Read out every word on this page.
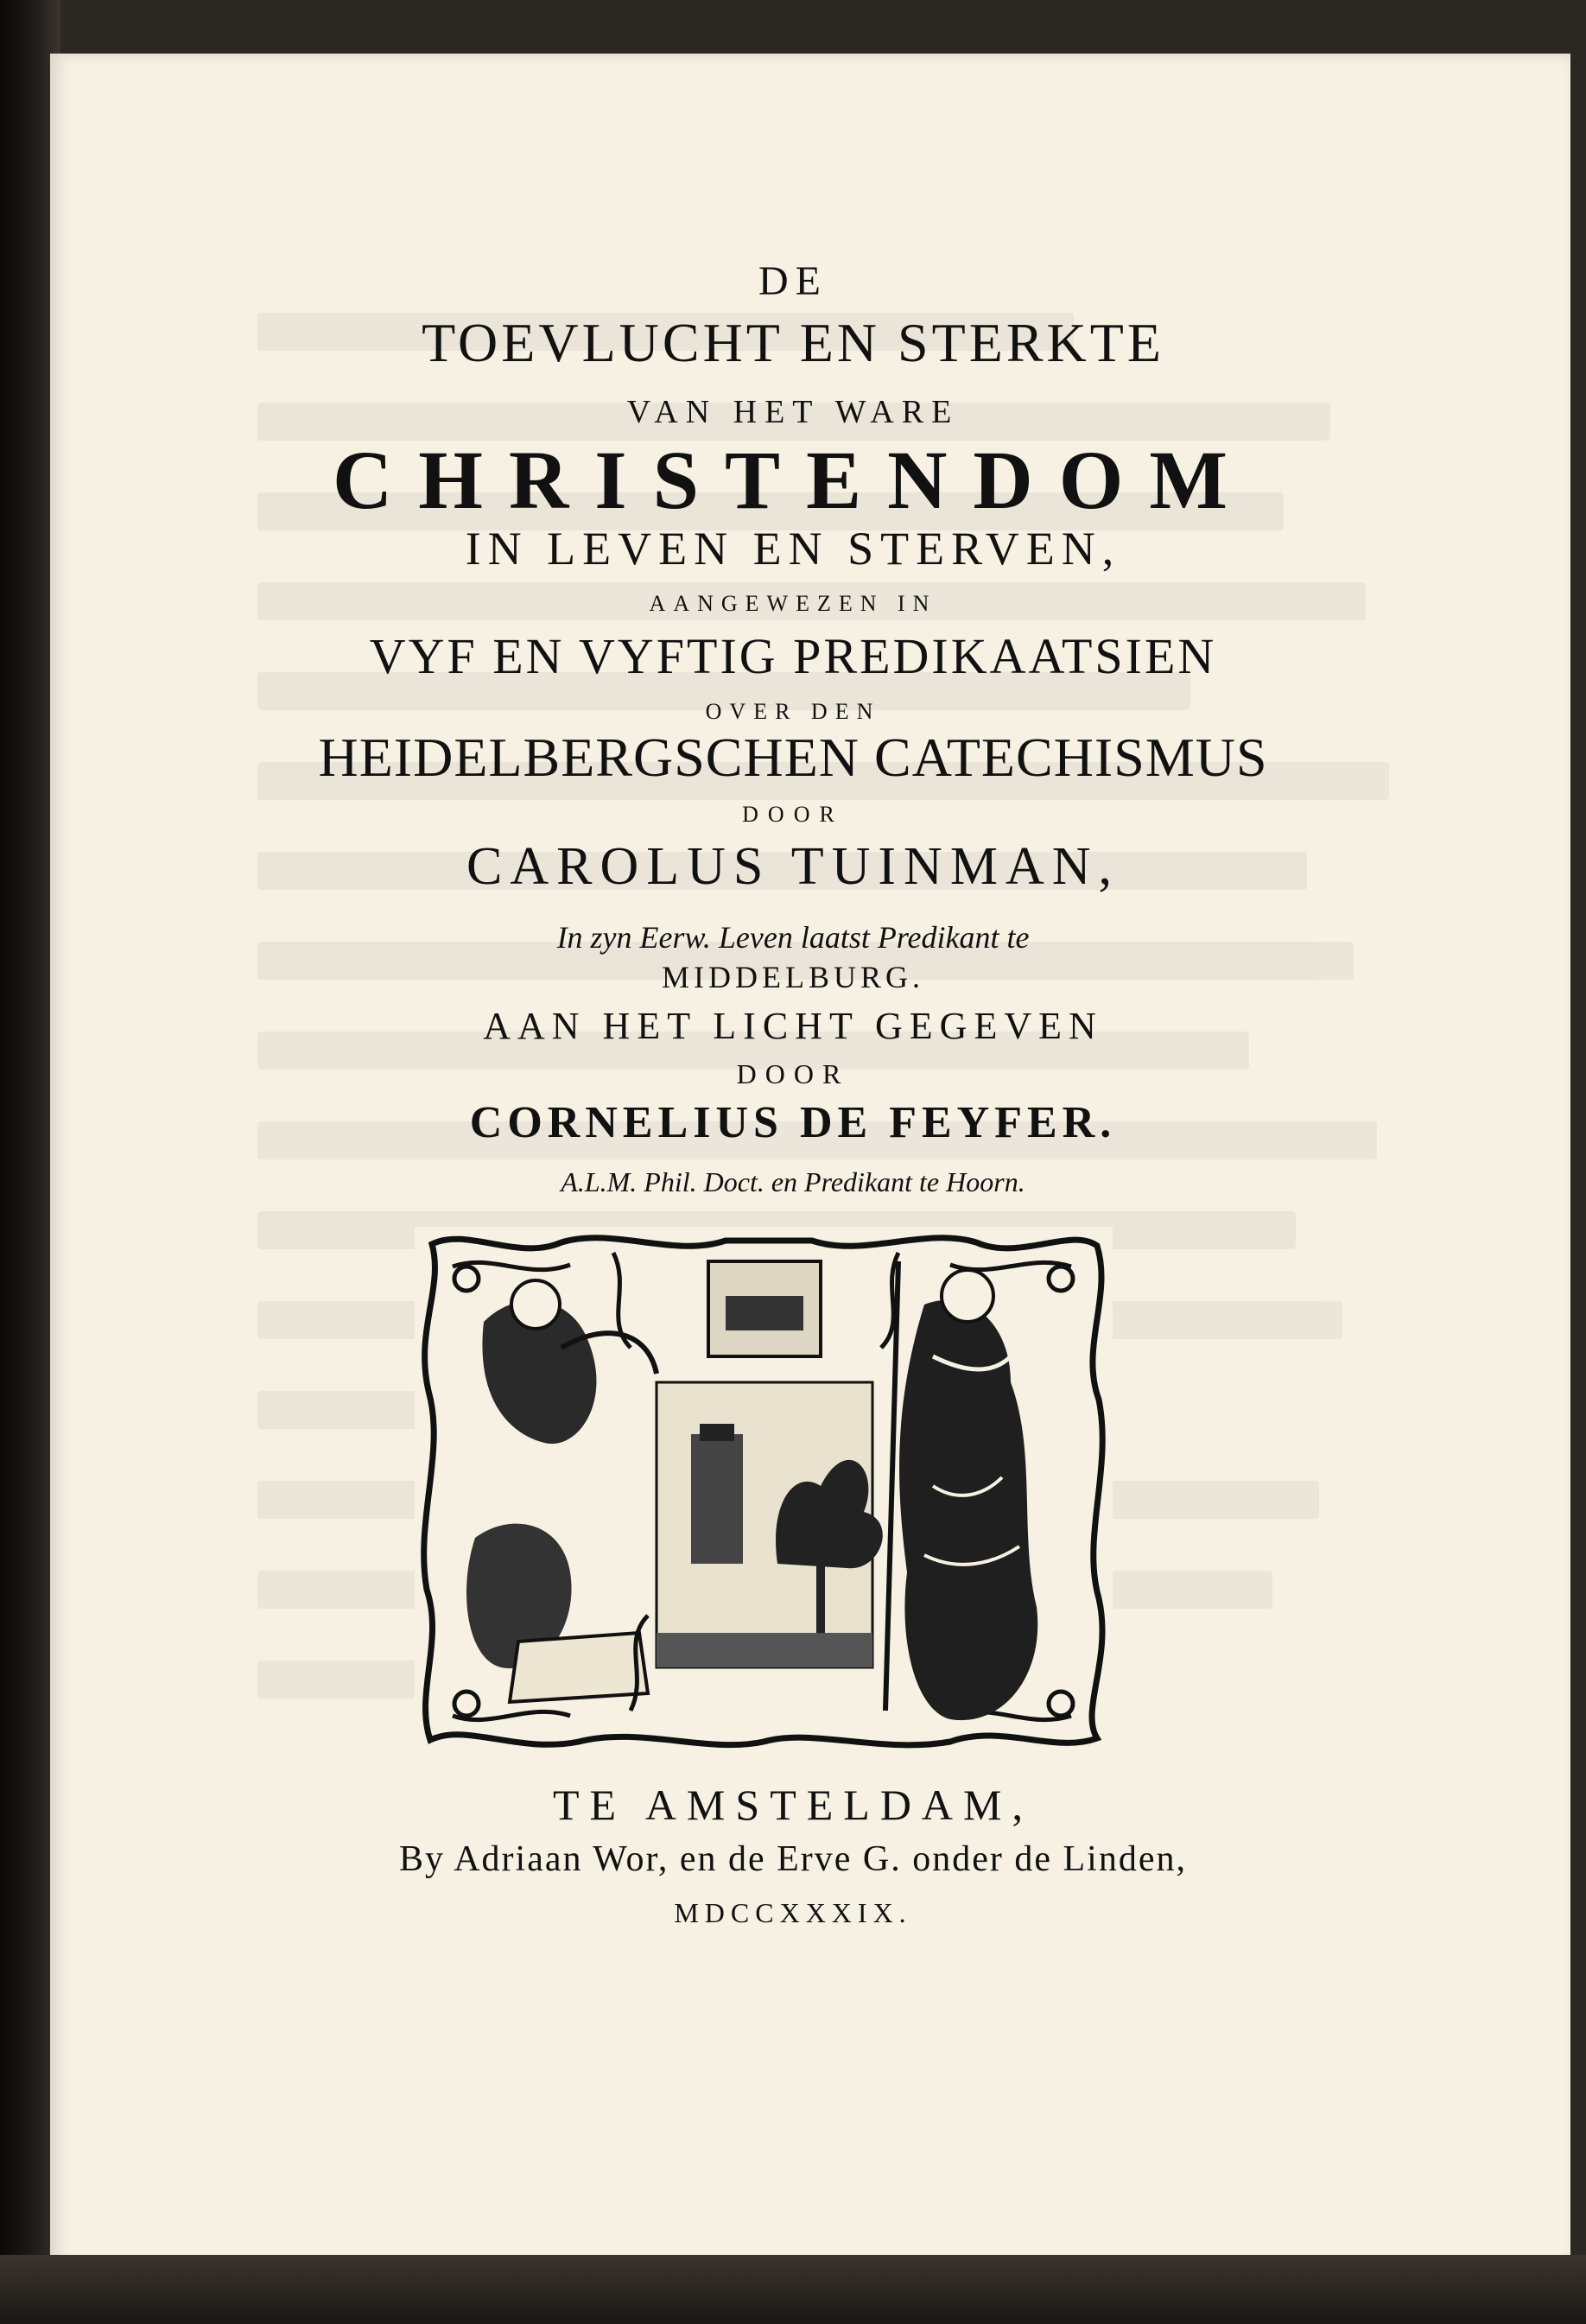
DE
TOEVLUCHT EN STERKTE
VAN HET WARE
CHRISTENDOM
IN LEVEN EN STERVEN,
AANGEWEZEN IN
VYF EN VYFTIG PREDIKAATSIEN
OVER DEN
HEIDELBERGSCHEN CATECHISMUS
DOOR
CAROLUS TUINMAN,
In zyn Eerw. Leven laatst Predikant te
MIDDELBURG.
AAN HET LICHT GEGEVEN
DOOR
CORNELIUS DE FEYFER.
A.L.M. Phil. Doct. en Predikant te Hoorn.
TE AMSTELDAM,
By Adriaan Wor, en de Erve G. onder de Linden,
MDCCXXXIX.
